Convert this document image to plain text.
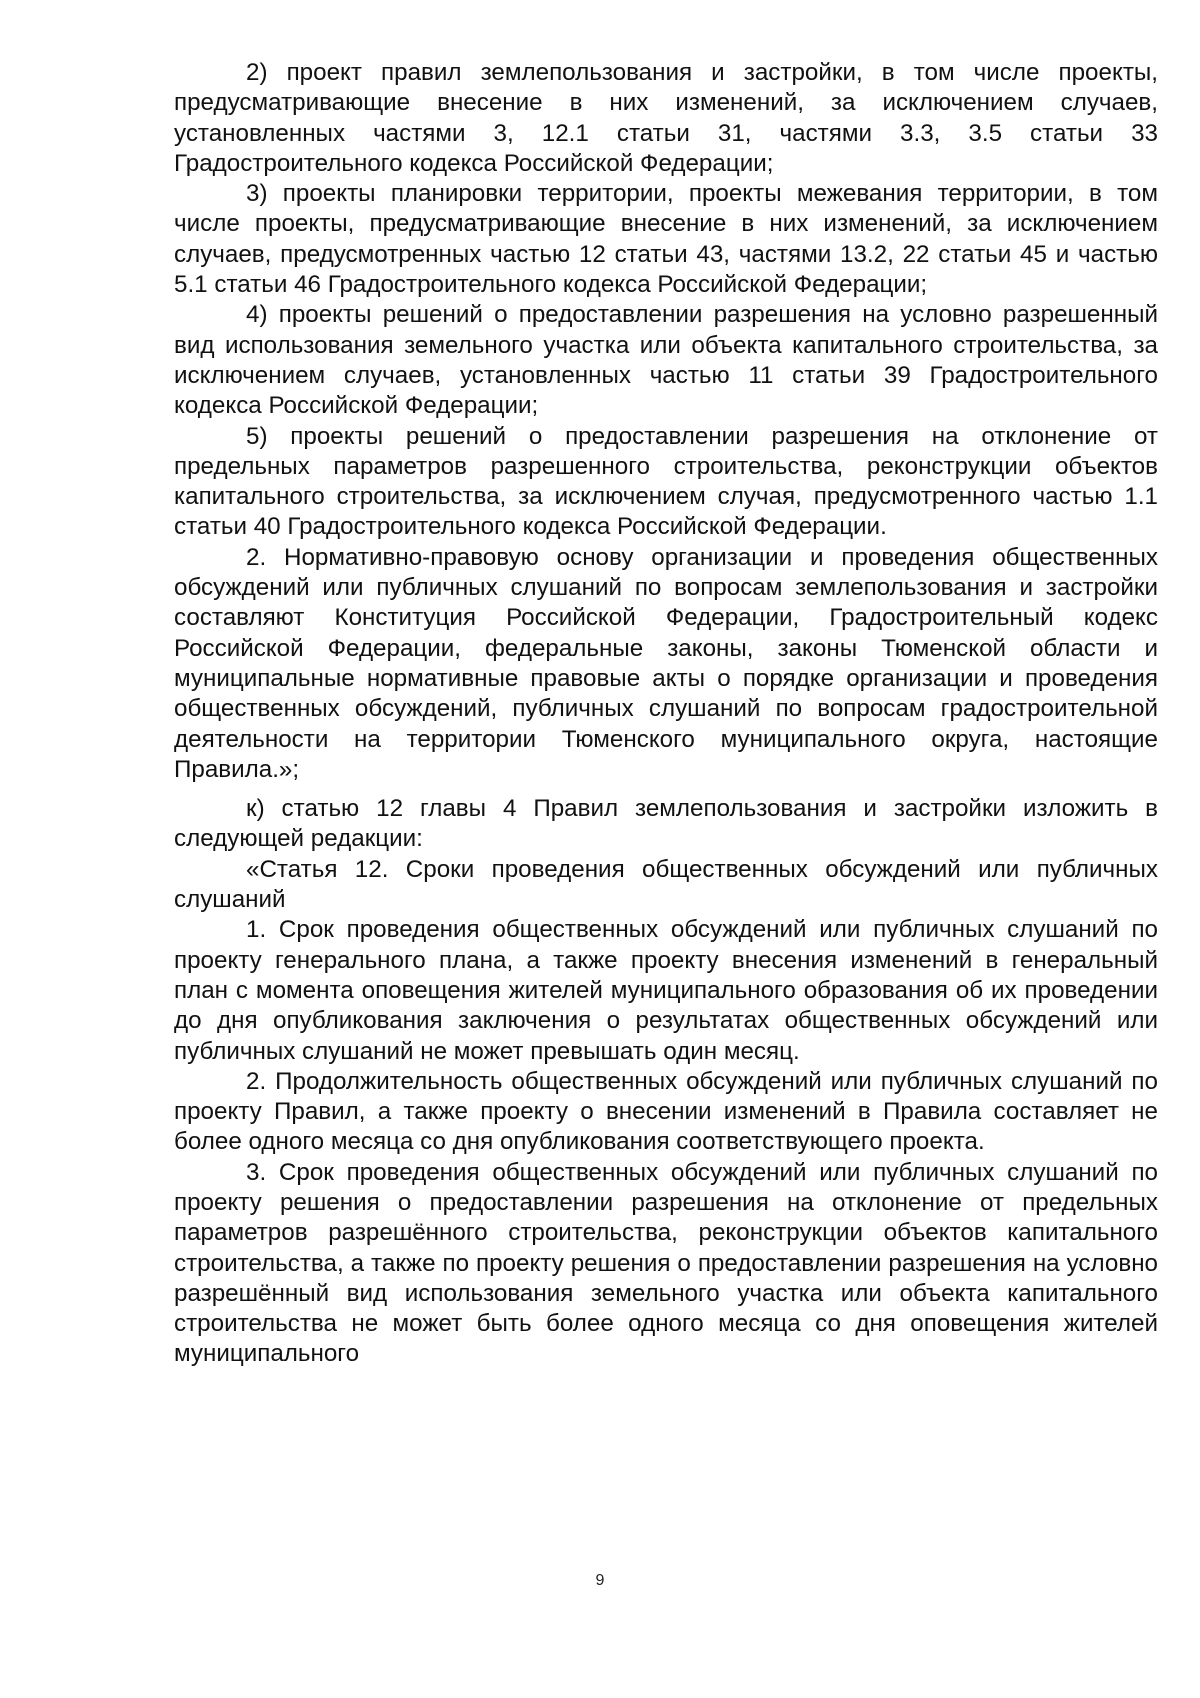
2) проект правил землепользования и застройки, в том числе проекты, предусматривающие внесение в них изменений, за исключением случаев, установленных частями 3, 12.1 статьи 31, частями 3.3, 3.5 статьи 33 Градостроительного кодекса Российской Федерации;

3) проекты планировки территории, проекты межевания территории, в том числе проекты, предусматривающие внесение в них изменений, за исключением случаев, предусмотренных частью 12 статьи 43, частями 13.2, 22 статьи 45 и частью 5.1 статьи 46 Градостроительного кодекса Российской Федерации;

4) проекты решений о предоставлении разрешения на условно разрешенный вид использования земельного участка или объекта капитального строительства, за исключением случаев, установленных частью 11 статьи 39 Градостроительного кодекса Российской Федерации;

5) проекты решений о предоставлении разрешения на отклонение от предельных параметров разрешенного строительства, реконструкции объектов капитального строительства, за исключением случая, предусмотренного частью 1.1 статьи 40 Градостроительного кодекса Российской Федерации.

2. Нормативно-правовую основу организации и проведения общественных обсуждений или публичных слушаний по вопросам землепользования и застройки составляют Конституция Российской Федерации, Градостроительный кодекс Российской Федерации, федеральные законы, законы Тюменской области и муниципальные нормативные правовые акты о порядке организации и проведения общественных обсуждений, публичных слушаний по вопросам градостроительной деятельности на территории Тюменского муниципального округа, настоящие Правила.»;

к) статью 12 главы 4 Правил землепользования и застройки изложить в следующей редакции:

«Статья 12. Сроки проведения общественных обсуждений или публичных слушаний

1. Срок проведения общественных обсуждений или публичных слушаний по проекту генерального плана, а также проекту внесения изменений в генеральный план с момента оповещения жителей муниципального образования об их проведении до дня опубликования заключения о результатах общественных обсуждений или публичных слушаний не может превышать один месяц.

2. Продолжительность общественных обсуждений или публичных слушаний по проекту Правил, а также проекту о внесении изменений в Правила составляет не более одного месяца со дня опубликования соответствующего проекта.

3. Срок проведения общественных обсуждений или публичных слушаний по проекту решения о предоставлении разрешения на отклонение от предельных параметров разрешённого строительства, реконструкции объектов капитального строительства, а также по проекту решения о предоставлении разрешения на условно разрешённый вид использования земельного участка или объекта капитального строительства не может быть более одного месяца со дня оповещения жителей муниципального

9
